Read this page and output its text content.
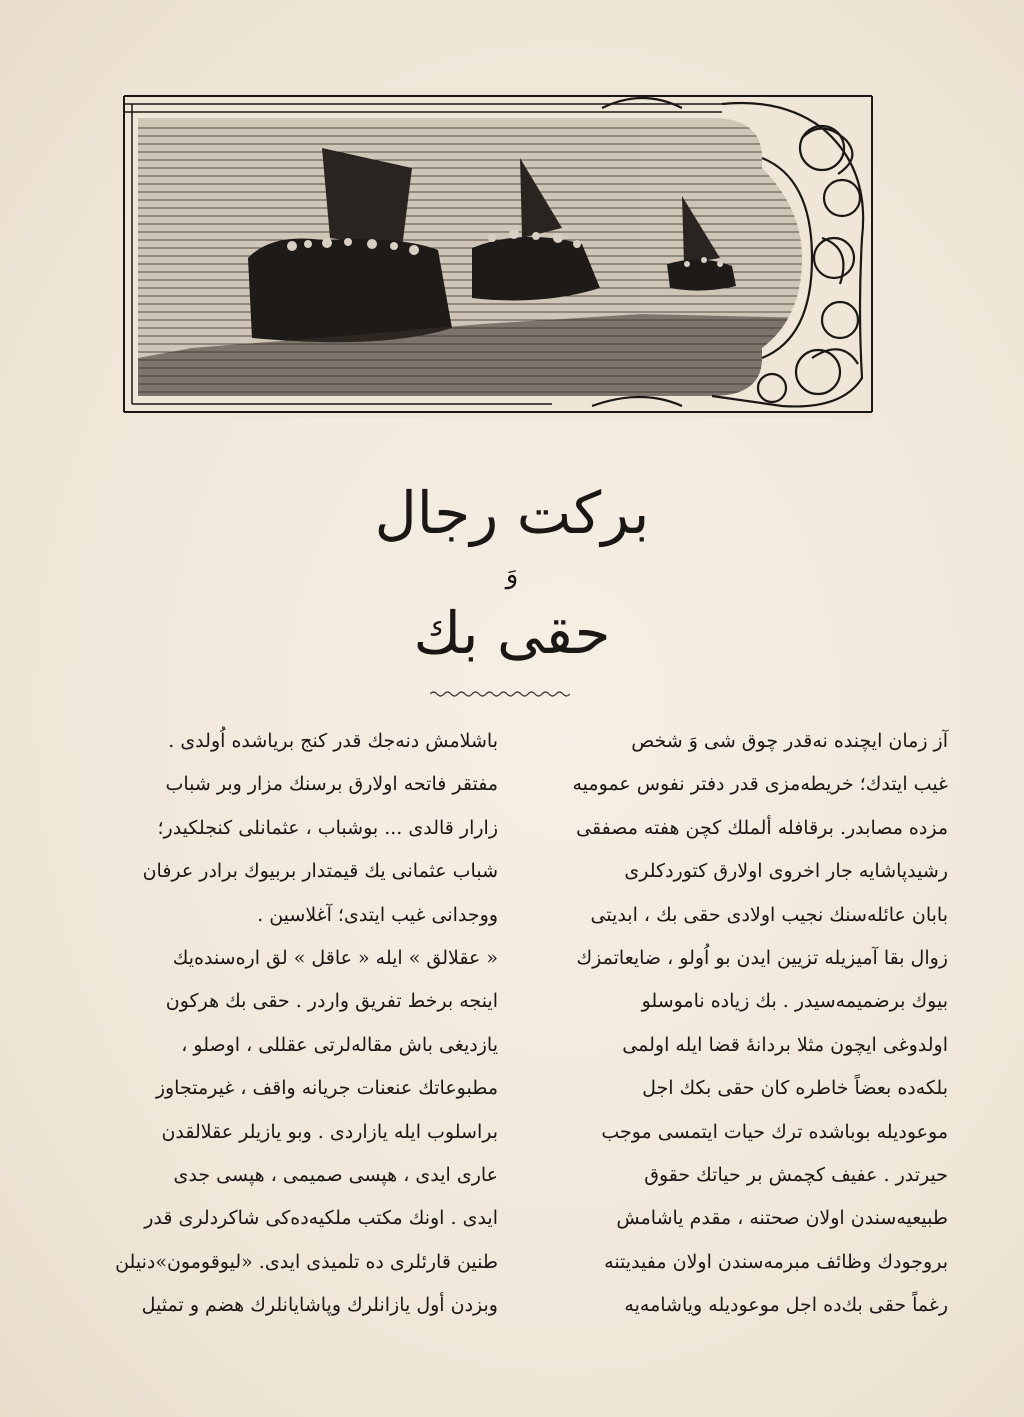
برکت رجال
وَ
حقی بك

آز زمان ایچنده نه‌قدر چوق شی وَ شخص

غیب ایتدك؛ خریطه‌مزی قدر دفتر نفوس عمومیه‌

مزده مصابدر. برقافله‌ ألملك کچن هفته مصفقی

رشیدپاشایه جار اخروی اولارق کتوردکلری

بابان عائله‌سنك نجیب اولادی حقی بك ، ابدیتی

زوال بقا آمیزیله تزیین ایدن بو اُولو ، ضایعاتمزك

بیوك برضمیمه‌سیدر . بك زیاده ناموسلو

اولدوغی ایچون مثلا بردانهٔ قضا ایله اولمی

بلکه‌ده بعضاً خاطره کان حقی بکك اجل

موعودیله بوباشده ترك حیات ایتمسی موجب

حیرتدر . عفیف کچمش بر حیاتك حقوق

طبیعیه‌سندن اولان صحتنه ، مقدم یاشامش

بروجودك وظائف مبرمه‌سندن اولان مفیدیتنه

رغماً حقی بك‌ده اجل موعودیله ویاشامه‌یه

باشلامش دنه‌جك قدر کنج برياشده اُولدی .

مفتقر فاتحه اولارق برسنك مزار وبر شباب

زارار قالدی ... بوشباب ، عثمانلی کنجلکیدر؛

شباب عثمانی یك قیمتدار بربیوك برادر عرفان

ووجدانی غیب ایتدی؛ آغلاسین .

« عقلالق » ایله « عاقل » لق ارەسنده‌یك

اینجه برخط تفریق واردر . حقی بك هرکون

یازدیغی باش مقاله‌لرتی عقللی ، اوصلو ،

مطبوعاتك عنعنات جریانه واقف ، غیرمتجاوز

براسلوب ایله یازاردی . وبو یازیلر عقلالقدن

عاری ایدی ، هپسی صمیمی ، هپسی جدی

ایدی . اونك مکتب ملکیه‌ده‌کی شاکردلری قدر

طنین قارئلری ده تلمیذی ایدی. «لیوقومون»دنیلن

وبزدن أول یازانلرك وپاشایانلرك هضم و تمثیل
